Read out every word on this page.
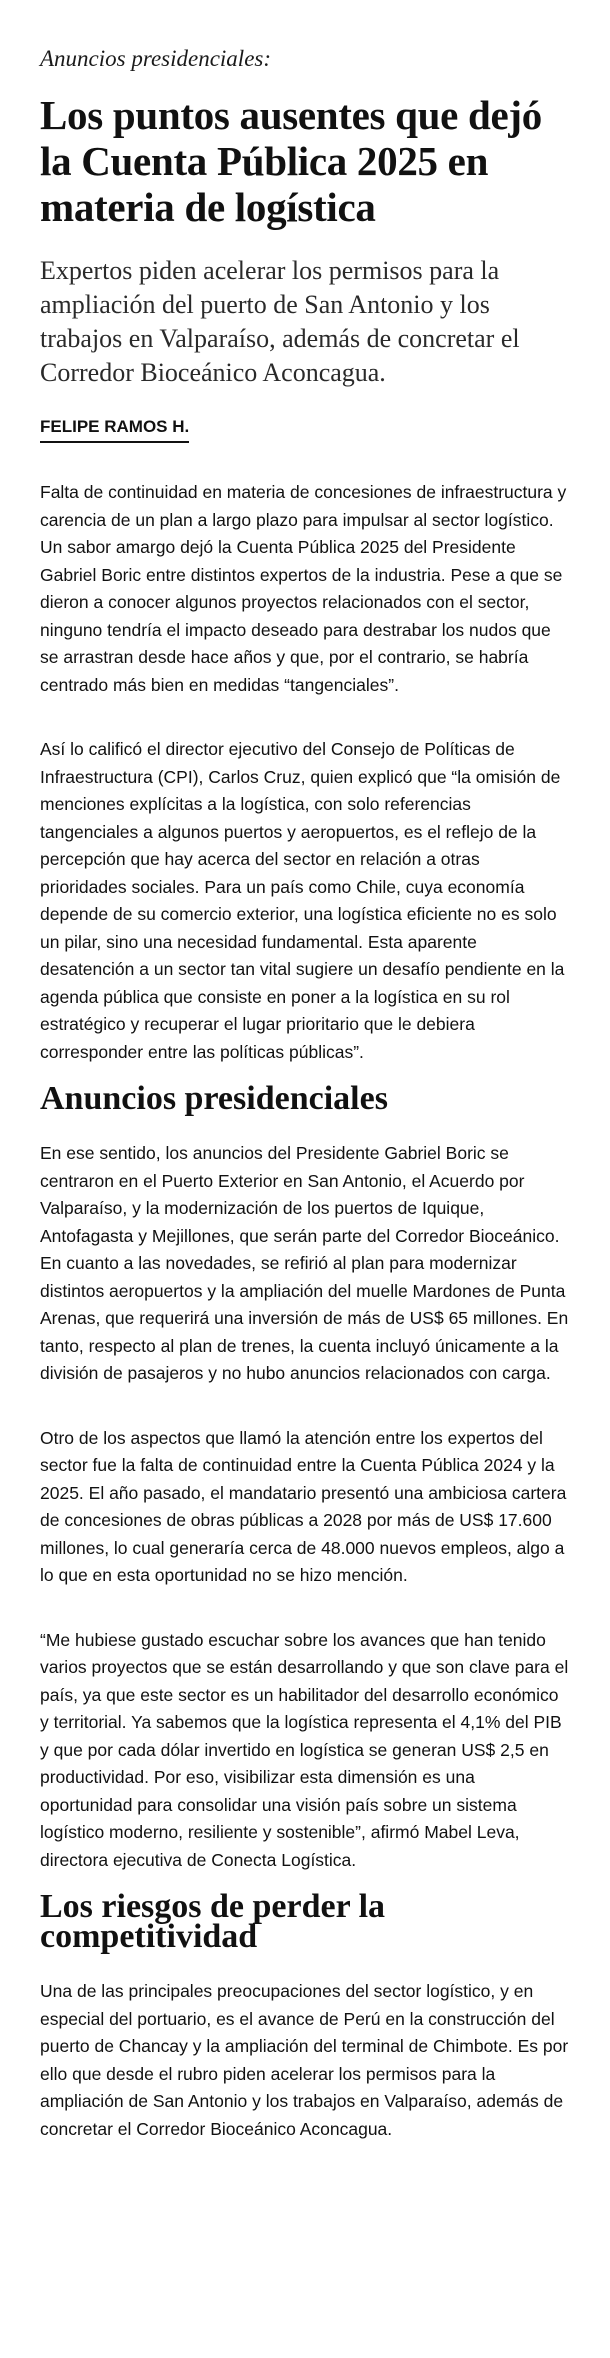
Anuncios presidenciales:
Los puntos ausentes que dejó la Cuenta Pública 2025 en materia de logística

Expertos piden acelerar los permisos para la ampliación del puerto de San Antonio y los trabajos en Valparaíso, además de concretar el Corredor Bioceánico Aconcagua.

FELIPE RAMOS H.

Falta de continuidad en materia de concesiones de infraestructura y carencia de un plan a largo plazo para impulsar al sector logístico. Un sabor amargo dejó la Cuenta Pública 2025 del Presidente Gabriel Boric entre distintos expertos de la industria. Pese a que se dieron a conocer algunos proyectos relacionados con el sector, ninguno tendría el impacto deseado para destrabar los nudos que se arrastran desde hace años y que, por el contrario, se habría centrado más bien en medidas “tangenciales”.

Así lo calificó el director ejecutivo del Consejo de Políticas de Infraestructura (CPI), Carlos Cruz, quien explicó que “la omisión de menciones explícitas a la logística, con solo referencias tangenciales a algunos puertos y aeropuertos, es el reflejo de la percepción que hay acerca del sector en relación a otras prioridades sociales. Para un país como Chile, cuya economía depende de su comercio exterior, una logística eficiente no es solo un pilar, sino una necesidad fundamental. Esta aparente desatención a un sector tan vital sugiere un desafío pendiente en la agenda pública que consiste en poner a la logística en su rol estratégico y recuperar el lugar prioritario que le debiera corresponder entre las políticas públicas”.

Anuncios presidenciales

En ese sentido, los anuncios del Presidente Gabriel Boric se centraron en el Puerto Exterior en San Antonio, el Acuerdo por Valparaíso, y la modernización de los puertos de Iquique, Antofagasta y Mejillones, que serán parte del Corredor Bioceánico. En cuanto a las novedades, se refirió al plan para modernizar distintos aeropuertos y la ampliación del muelle Mardones de Punta Arenas, que requerirá una inversión de más de US$ 65 millones. En tanto, respecto al plan de trenes, la cuenta incluyó únicamente a la división de pasajeros y no hubo anuncios relacionados con carga.

Otro de los aspectos que llamó la atención entre los expertos del sector fue la falta de continuidad entre la Cuenta Pública 2024 y la 2025. El año pasado, el mandatario presentó una ambiciosa cartera de concesiones de obras públicas a 2028 por más de US$ 17.600 millones, lo cual generaría cerca de 48.000 nuevos empleos, algo a lo que en esta oportunidad no se hizo mención.

“Me hubiese gustado escuchar sobre los avances que han tenido varios proyectos que se están desarrollando y que son clave para el país, ya que este sector es un habilitador del desarrollo económico y territorial. Ya sabemos que la logística representa el 4,1% del PIB y que por cada dólar invertido en logística se generan US$ 2,5 en productividad. Por eso, visibilizar esta dimensión es una oportunidad para consolidar una visión país sobre un sistema logístico moderno, resiliente y sostenible”, afirmó Mabel Leva, directora ejecutiva de Conecta Logística.

Los riesgos de perder la competitividad

Una de las principales preocupaciones del sector logístico, y en especial del portuario, es el avance de Perú en la construcción del puerto de Chancay y la ampliación del terminal de Chimbote. Es por ello que desde el rubro piden acelerar los permisos para la ampliación de San Antonio y los trabajos en Valparaíso, además de concretar el Corredor Bioceánico Aconcagua.
